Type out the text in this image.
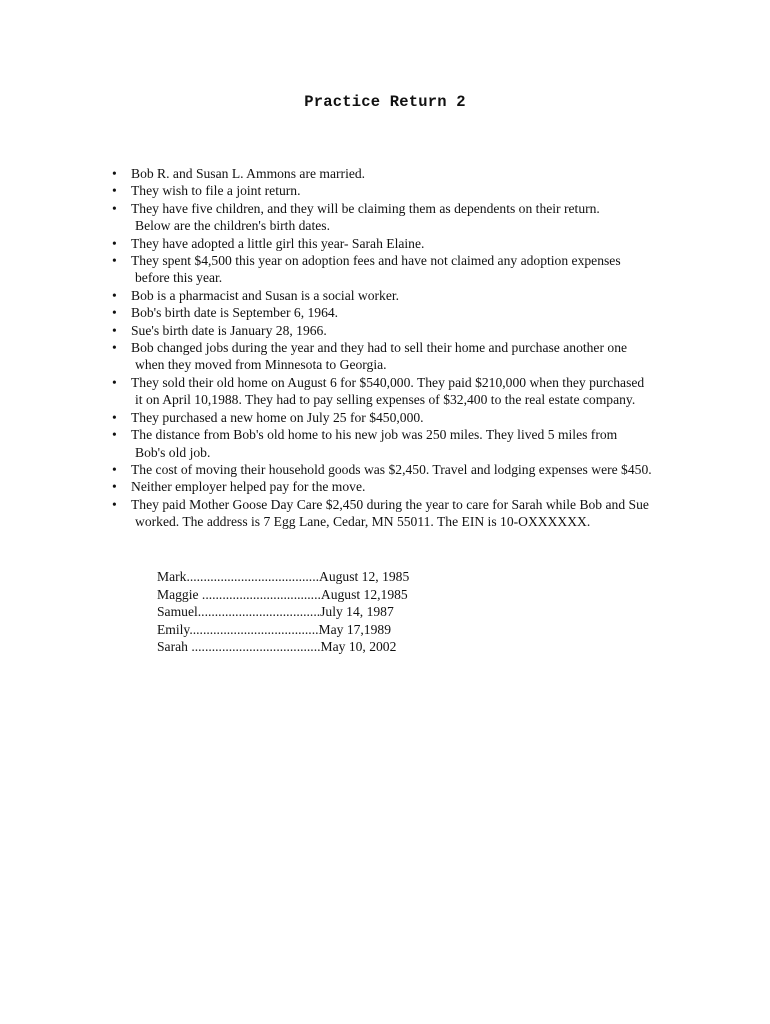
Practice Return 2
• Bob R. and Susan L. Ammons are married.
• They wish to file a joint return.
• They have five children, and they will be claiming them as dependents on their return.
Below are the children's birth dates.
• They have adopted a little girl this year- Sarah Elaine.
• They spent $4,500 this year on adoption fees and have not claimed any adoption expenses
before this year.
• Bob is a pharmacist and Susan is a social worker.
• Bob's birth date is September 6, 1964.
• Sue's birth date is January 28, 1966.
• Bob changed jobs during the year and they had to sell their home and purchase another one
when they moved from Minnesota to Georgia.
• They sold their old home on August 6 for $540,000. They paid $210,000 when they purchased
it on April 10,1988. They had to pay selling expenses of $32,400 to the real estate company.
• They purchased a new home on July 25 for $450,000.
• The distance from Bob's old home to his new job was 250 miles. They lived 5 miles from
Bob's old job.
• The cost of moving their household goods was $2,450. Travel and lodging expenses were $450.
• Neither employer helped pay for the move.
• They paid Mother Goose Day Care $2,450 during the year to care for Sarah while Bob and Sue
worked. The address is 7 Egg Lane, Cedar, MN 55011. The EIN is 10-OXXXXXX.
Mark.......................................August 12, 1985
Maggie ...................................August 12,1985
Samuel....................................July 14, 1987
Emily......................................May 17,1989
Sarah ......................................May 10, 2002
